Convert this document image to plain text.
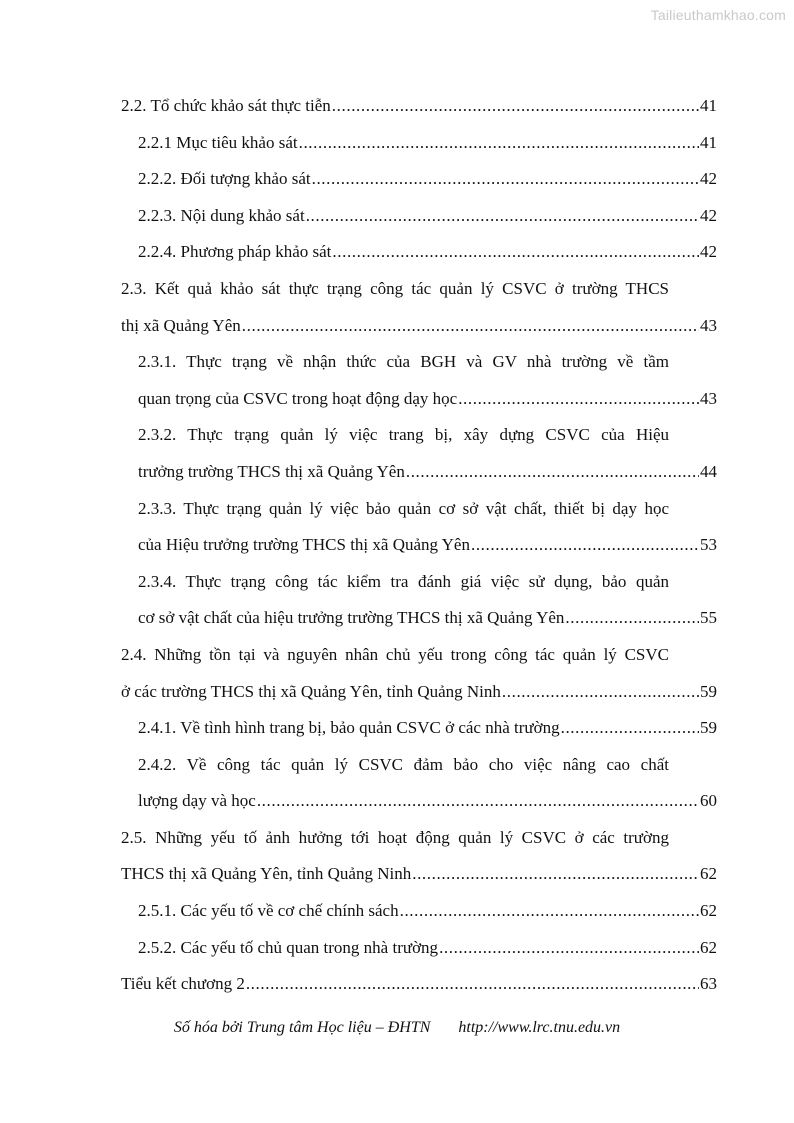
Tailieuthamkhao.com
2.2. Tổ chức khảo sát thực tiễn .....	41
2.2.1 Mục tiêu khảo sát .....	41
2.2.2. Đối tượng khảo sát .....	42
2.2.3. Nội dung khảo sát .....	42
2.2.4. Phương pháp khảo sát .....	42
2.3. Kết quả khảo sát thực trạng công tác quản lý CSVC ở trường THCS
thị xã Quảng Yên .....	43
2.3.1. Thực trạng về nhận thức của BGH và GV nhà trường về tầm
quan trọng của CSVC trong hoạt động dạy học .....	43
2.3.2. Thực trạng quản lý việc trang bị, xây dựng CSVC của Hiệu
trưởng trường THCS thị xã Quảng Yên .....	44
2.3.3. Thực trạng quản lý việc bảo quản cơ sở vật chất, thiết bị dạy học
của Hiệu trưởng trường THCS thị xã Quảng Yên .....	53
2.3.4. Thực trạng công tác kiểm tra đánh giá việc sử dụng, bảo quản
cơ sở vật chất của hiệu trưởng trường THCS thị xã Quảng Yên .....	55
2.4. Những tồn tại và nguyên nhân chủ yếu trong công tác quản lý CSVC
ở các trường THCS thị xã Quảng Yên, tỉnh Quảng Ninh .....	59
2.4.1. Về tình hình trang bị, bảo quản CSVC ở các nhà trường .....	59
2.4.2. Về công tác quản lý CSVC đảm bảo cho việc nâng cao chất
lượng dạy và học .....	60
2.5. Những yếu tố ảnh hưởng tới hoạt động quản lý CSVC ở các trường
THCS thị xã Quảng Yên, tỉnh Quảng Ninh .....	62
2.5.1. Các yếu tố về cơ chế chính sách .....	62
2.5.2. Các yếu tố chủ quan trong nhà trường .....	62
Tiểu kết chương 2 .....	63
Số hóa bởi Trung tâm Học liệu – ĐHTN http://www.lrc.tnu.edu.vn
